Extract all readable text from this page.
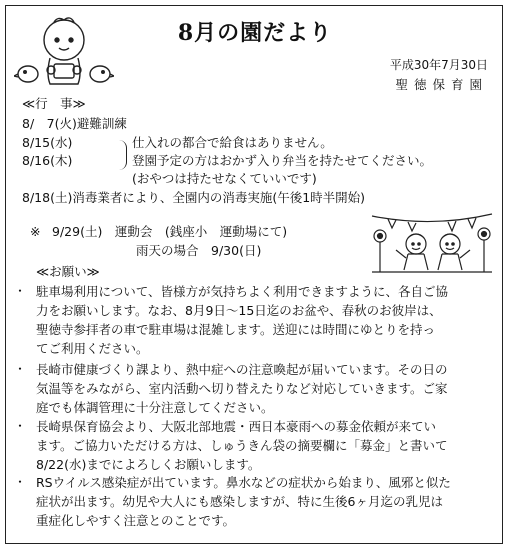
8月の園だより
平成30年7月30日
聖徳保育園
≪行　事≫
8/　7(火)避難訓練
8/15(水)
8/16(木)
仕入れの都合で給食はありません。
登園予定の方はおかず入り弁当を持たせてください。
(おやつは持たせなくていいです)
8/18(土)消毒業者により、全園内の消毒実施(午後1時半開始)
※ 9/29(土)　運動会　(銭座小　運動場にて)
雨天の場合　9/30(日)
≪お願い≫
・ 駐車場利用について、皆様方が気持ちよく利用できますように、各自ご協
力をお願いします。なお、8月9日～15日迄のお盆や、春秋のお彼岸は、
聖徳寺参拝者の車で駐車場は混雑します。送迎には時間にゆとりを持っ
てご利用ください。
・ 長崎市健康づくり課より、熱中症への注意喚起が届いています。その日の
気温等をみながら、室内活動へ切り替えたりなど対応していきます。ご家
庭でも体調管理に十分注意してください。
・ 長崎県保育協会より、大阪北部地震・西日本豪雨への募金依頼が来てい
ます。ご協力いただける方は、しゅうきん袋の摘要欄に「募金」と書いて
8/22(水)までによろしくお願いします。
・ RSウイルス感染症が出ています。鼻水などの症状から始まり、風邪と似た
症状が出ます。幼児や大人にも感染しますが、特に生後6ヶ月迄の乳児は
重症化しやすく注意とのことです。
